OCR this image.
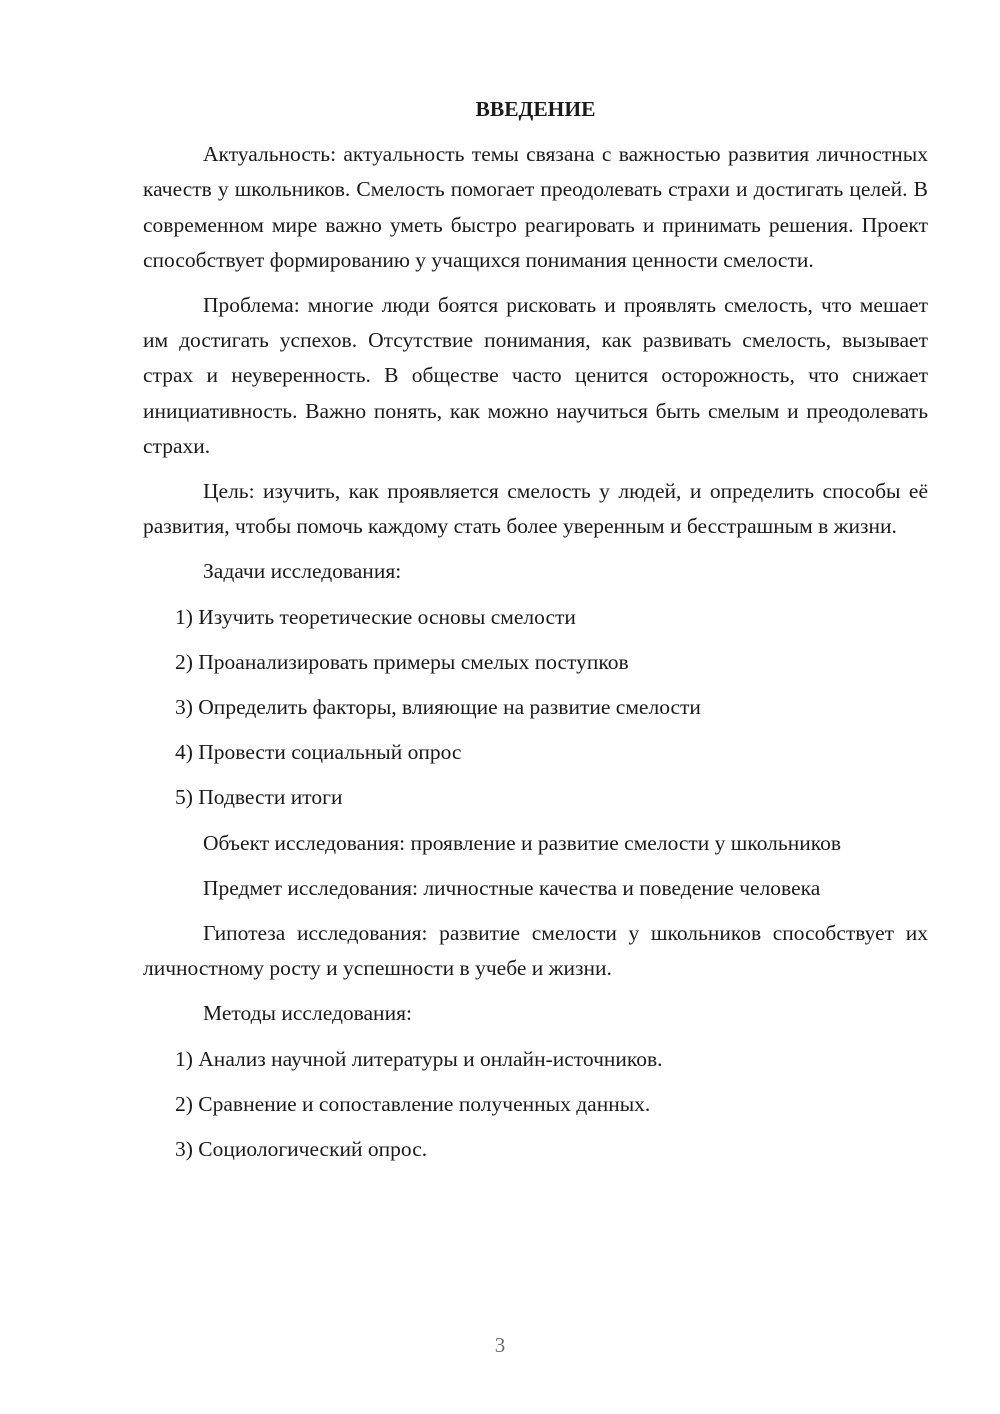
ВВЕДЕНИЕ
Актуальность: актуальность темы связана с важностью развития личностных качеств у школьников. Смелость помогает преодолевать страхи и достигать целей. В современном мире важно уметь быстро реагировать и принимать решения. Проект способствует формированию у учащихся понимания ценности смелости.
Проблема: многие люди боятся рисковать и проявлять смелость, что мешает им достигать успехов. Отсутствие понимания, как развивать смелость, вызывает страх и неуверенность. В обществе часто ценится осторожность, что снижает инициативность. Важно понять, как можно научиться быть смелым и преодолевать страхи.
Цель: изучить, как проявляется смелость у людей, и определить способы её развития, чтобы помочь каждому стать более уверенным и бесстрашным в жизни.
Задачи исследования:
1) Изучить теоретические основы смелости
2) Проанализировать примеры смелых поступков
3) Определить факторы, влияющие на развитие смелости
4) Провести социальный опрос
5) Подвести итоги
Объект исследования: проявление и развитие смелости у школьников
Предмет исследования: личностные качества и поведение человека
Гипотеза исследования: развитие смелости у школьников способствует их личностному росту и успешности в учебе и жизни.
Методы исследования:
1) Анализ научной литературы и онлайн-источников.
2) Сравнение и сопоставление полученных данных.
3) Социологический опрос.
3
